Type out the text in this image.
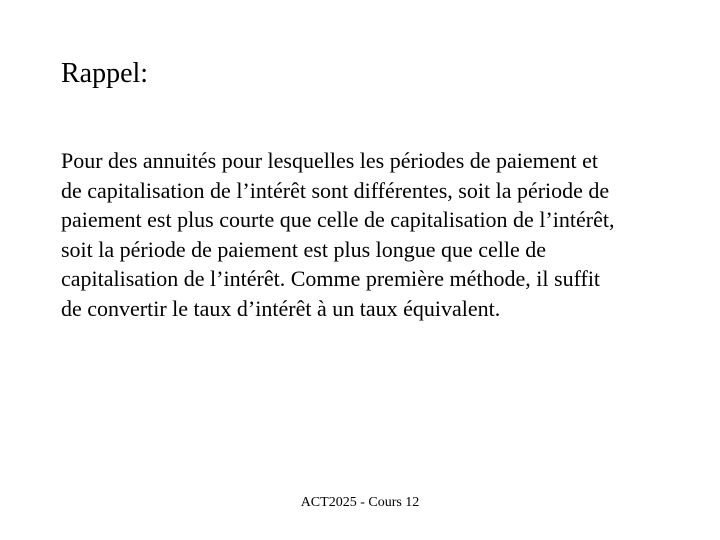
Rappel:
Pour des annuités pour lesquelles les périodes de paiement et
de capitalisation de l’intérêt sont différentes, soit la période de
paiement est plus courte que celle de capitalisation de l’intérêt,
soit la période de paiement est plus longue que celle de
capitalisation de l’intérêt. Comme première méthode, il suffit
de convertir le taux d’intérêt à un taux équivalent.
ACT2025 - Cours 12
